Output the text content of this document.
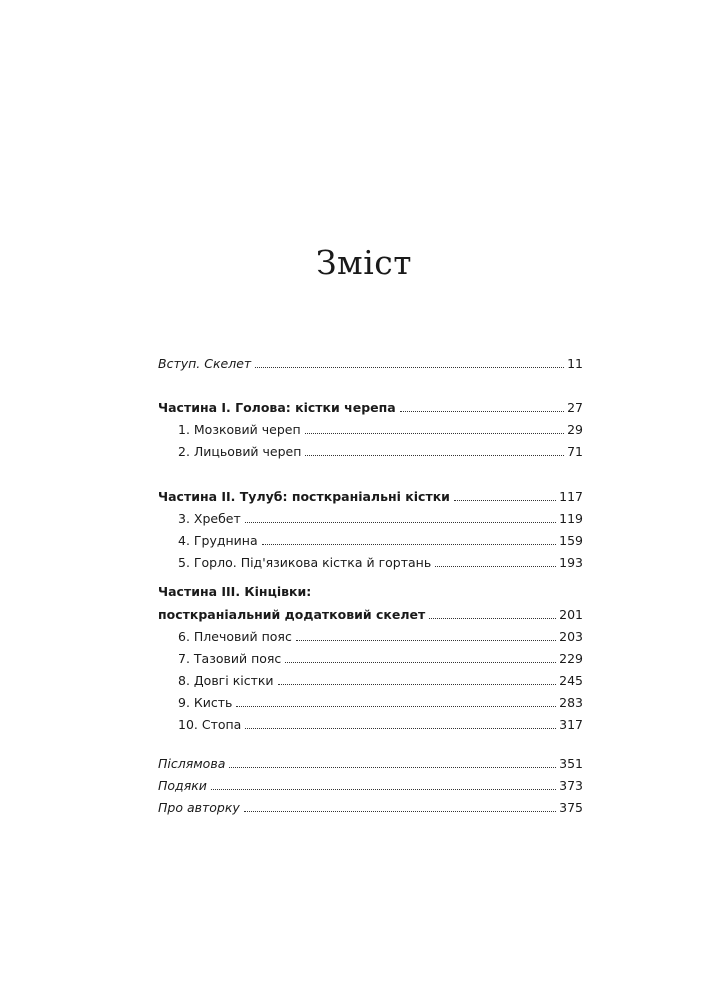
Зміст
Вступ. Скелет	11
Частина I. Голова: кістки черепа	27
1. Мозковий череп	29
2. Лицьовий череп	71
Частина II. Тулуб: посткраніальні кістки	117
3. Хребет	119
4. Груднина	159
5. Горло. Під'язикова кістка й гортань	193
Частина III. Кінцівки:
посткраніальний додатковий скелет	201
6. Плечовий пояс	203
7. Тазовий пояс	229
8. Довгі кістки	245
9. Кисть	283
10. Стопа	317
Післямова	351
Подяки	373
Про авторку	375
